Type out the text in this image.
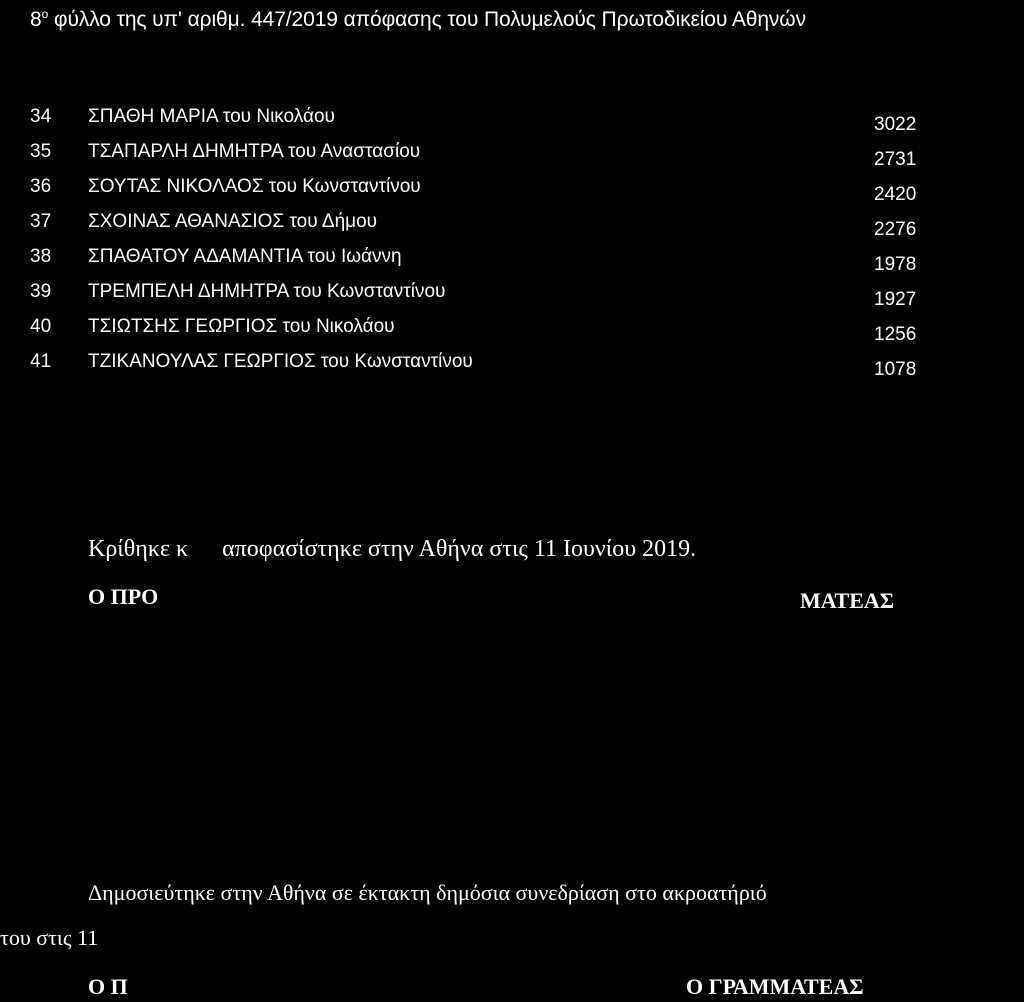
$8^o$ φύλλο της υπ' αριθμ. 447/2019 απόφασης του Πολυμελούς Πρωτοδικείου Αθηνών
34 ΣΠΑΘΗ ΜΑΡΙΑ του Νικολάου	3022
35 ΤΣΑΠΑΡΛΗ ΔΗΜΗΤΡΑ του Αναστασίου	2731
36 ΣΟΥΤΑΣ ΝΙΚΟΛΑΟΣ του Κωνσταντίνου	2420
37 ΣΧΟΙΝΑΣ ΑΘΑΝΑΣΙΟΣ του Δήμου	2276
38 ΣΠΑΘΑΤΟΥ ΑΔΑΜΑΝΤΙΑ του Ιωάννη	1978
39 ΤΡΕΜΠΕΛΗ ΔΗΜΗΤΡΑ του Κωνσταντίνου	1927
40 ΤΣΙΩΤΣΗΣ ΓΕΩΡΓΙΟΣ του Νικολάου	1256
41 ΤΖΙΚΑΝΟΥΛΑΣ ΓΕΩΡΓΙΟΣ του Κωνσταντίνου	1078
Κρίθηκε κ αποφασίστηκε στην Αθήνα στις 11 Ιουνίου 2019.
Ο ΠΡΟ	ΜΑΤΕΑΣ
Δημοσιεύτηκε στην Αθήνα σε έκτακτη δημόσια συνεδρίαση στο ακροατήριό
του στις 11
Ο Π	Ο ΓΡΑΜΜΑΤΕΑΣ
